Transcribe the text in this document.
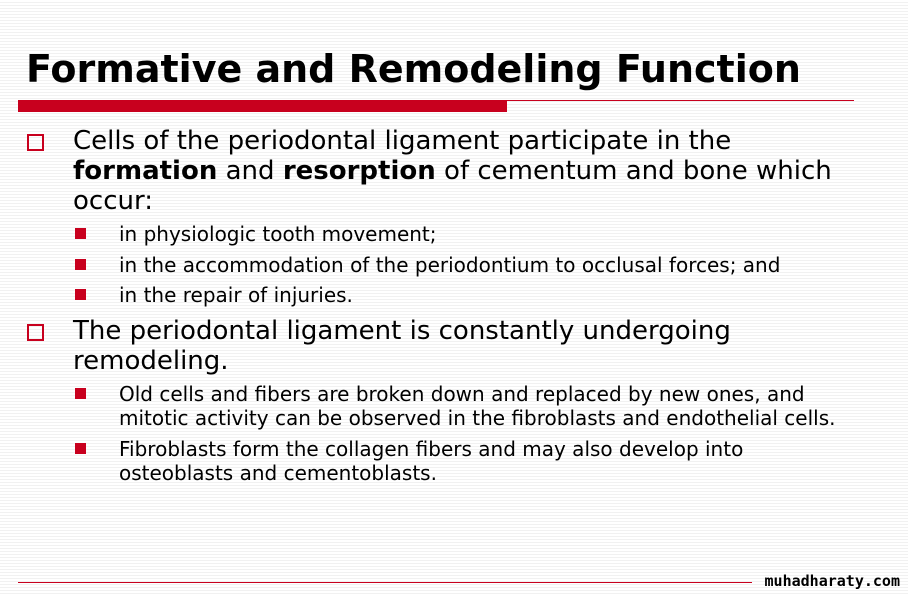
Formative and Remodeling Function
Cells of the periodontal ligament participate in the formation and resorption of cementum and bone which occur:
in physiologic tooth movement;
in the accommodation of the periodontium to occlusal forces; and
in the repair of injuries.
The periodontal ligament is constantly undergoing remodeling.
Old cells and fibers are broken down and replaced by new ones, and mitotic activity can be observed in the fibroblasts and endothelial cells.
Fibroblasts form the collagen fibers and may also develop into osteoblasts and cementoblasts.
muhadharaty.com
